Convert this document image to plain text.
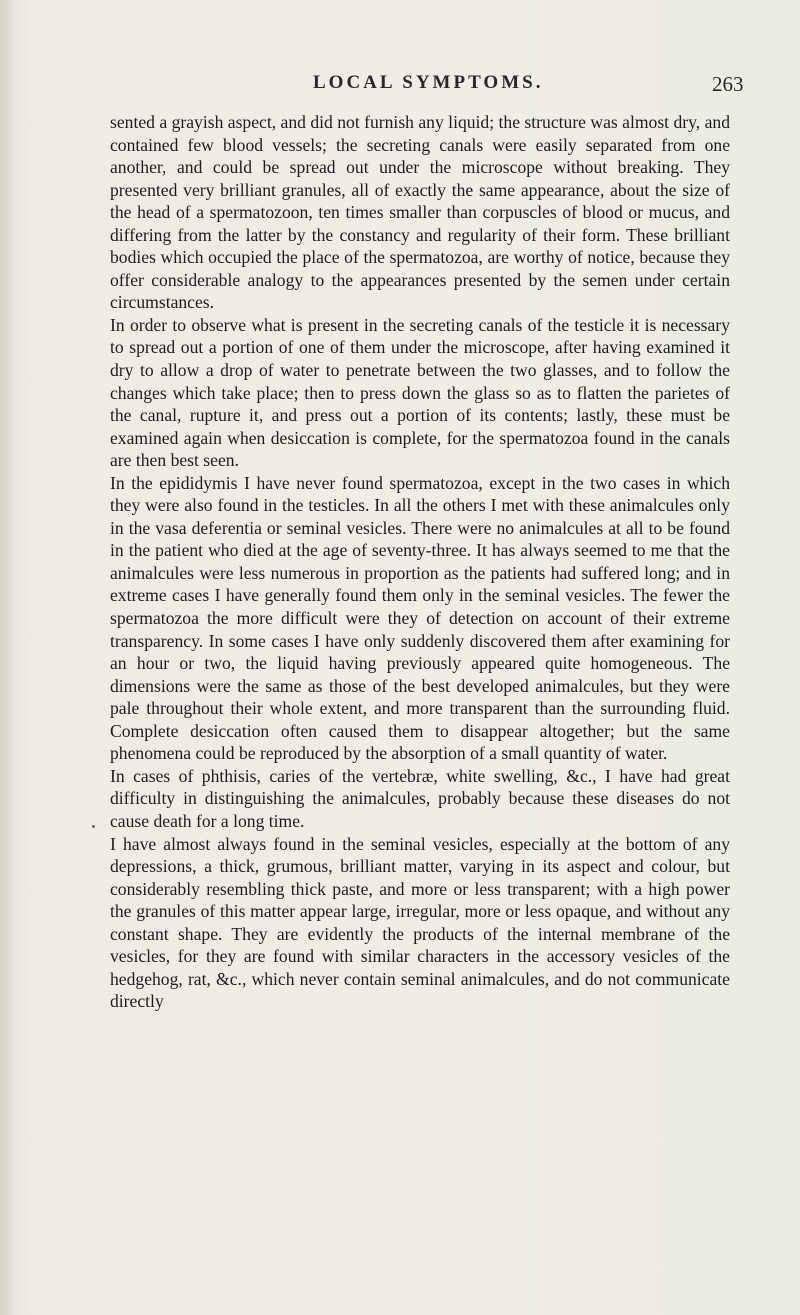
LOCAL SYMPTOMS.	263

sented a grayish aspect, and did not furnish any liquid; the structure was almost dry, and contained few blood vessels; the secreting canals were easily separated from one another, and could be spread out under the microscope without breaking. They presented very brilliant granules, all of exactly the same appearance, about the size of the head of a spermatozoon, ten times smaller than corpuscles of blood or mucus, and differing from the latter by the constancy and regularity of their form. These brilliant bodies which occupied the place of the spermatozoa, are worthy of notice, because they offer considerable analogy to the appearances presented by the semen under certain circumstances.

In order to observe what is present in the secreting canals of the testicle it is necessary to spread out a portion of one of them under the microscope, after having examined it dry to allow a drop of water to penetrate between the two glasses, and to follow the changes which take place; then to press down the glass so as to flatten the parietes of the canal, rupture it, and press out a portion of its contents; lastly, these must be examined again when desiccation is complete, for the spermatozoa found in the canals are then best seen.

In the epididymis I have never found spermatozoa, except in the two cases in which they were also found in the testicles. In all the others I met with these animalcules only in the vasa deferentia or seminal vesicles. There were no animalcules at all to be found in the patient who died at the age of seventy-three. It has always seemed to me that the animalcules were less numerous in proportion as the patients had suffered long; and in extreme cases I have generally found them only in the seminal vesicles. The fewer the spermatozoa the more difficult were they of detection on account of their extreme transparency. In some cases I have only suddenly discovered them after examining for an hour or two, the liquid having previously appeared quite homogeneous. The dimensions were the same as those of the best developed animalcules, but they were pale throughout their whole extent, and more transparent than the surrounding fluid. Complete desiccation often caused them to disappear altogether; but the same phenomena could be reproduced by the absorption of a small quantity of water.

In cases of phthisis, caries of the vertebræ, white swelling, &c., I have had great difficulty in distinguishing the animalcules, probably because these diseases do not cause death for a long time.

I have almost always found in the seminal vesicles, especially at the bottom of any depressions, a thick, grumous, brilliant matter, varying in its aspect and colour, but considerably resembling thick paste, and more or less transparent; with a high power the granules of this matter appear large, irregular, more or less opaque, and without any constant shape. They are evidently the products of the internal membrane of the vesicles, for they are found with similar characters in the accessory vesicles of the hedgehog, rat, &c., which never contain seminal animalcules, and do not communicate directly
